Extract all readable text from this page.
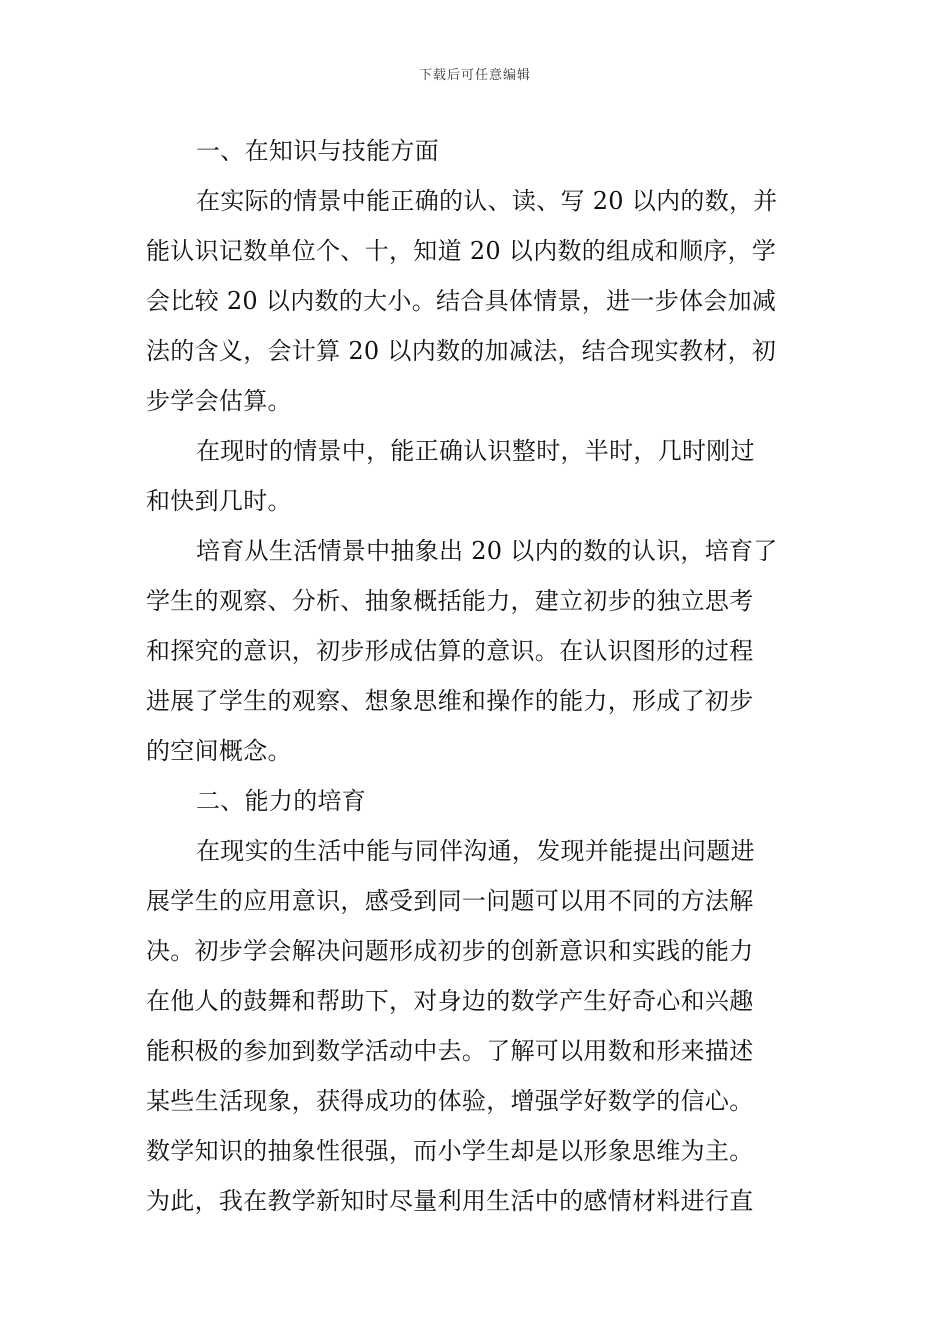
下载后可任意编辑
一、在知识与技能方面
在实际的情景中能正确的认、读、写 20 以内的数，并
能认识记数单位个、十，知道 20 以内数的组成和顺序，学
会比较 20 以内数的大小。结合具体情景，进一步体会加减
法的含义，会计算 20 以内数的加减法，结合现实教材，初
步学会估算。
在现时的情景中，能正确认识整时，半时，几时刚过
和快到几时。
培育从生活情景中抽象出 20 以内的数的认识，培育了
学生的观察、分析、抽象概括能力，建立初步的独立思考
和探究的意识，初步形成估算的意识。在认识图形的过程
进展了学生的观察、想象思维和操作的能力，形成了初步
的空间概念。
二、能力的培育
在现实的生活中能与同伴沟通，发现并能提出问题进
展学生的应用意识，感受到同一问题可以用不同的方法解
决。初步学会解决问题形成初步的创新意识和实践的能力
在他人的鼓舞和帮助下，对身边的数学产生好奇心和兴趣
能积极的参加到数学活动中去。了解可以用数和形来描述
某些生活现象，获得成功的体验，增强学好数学的信心。
数学知识的抽象性很强，而小学生却是以形象思维为主。
为此，我在教学新知时尽量利用生活中的感情材料进行直
